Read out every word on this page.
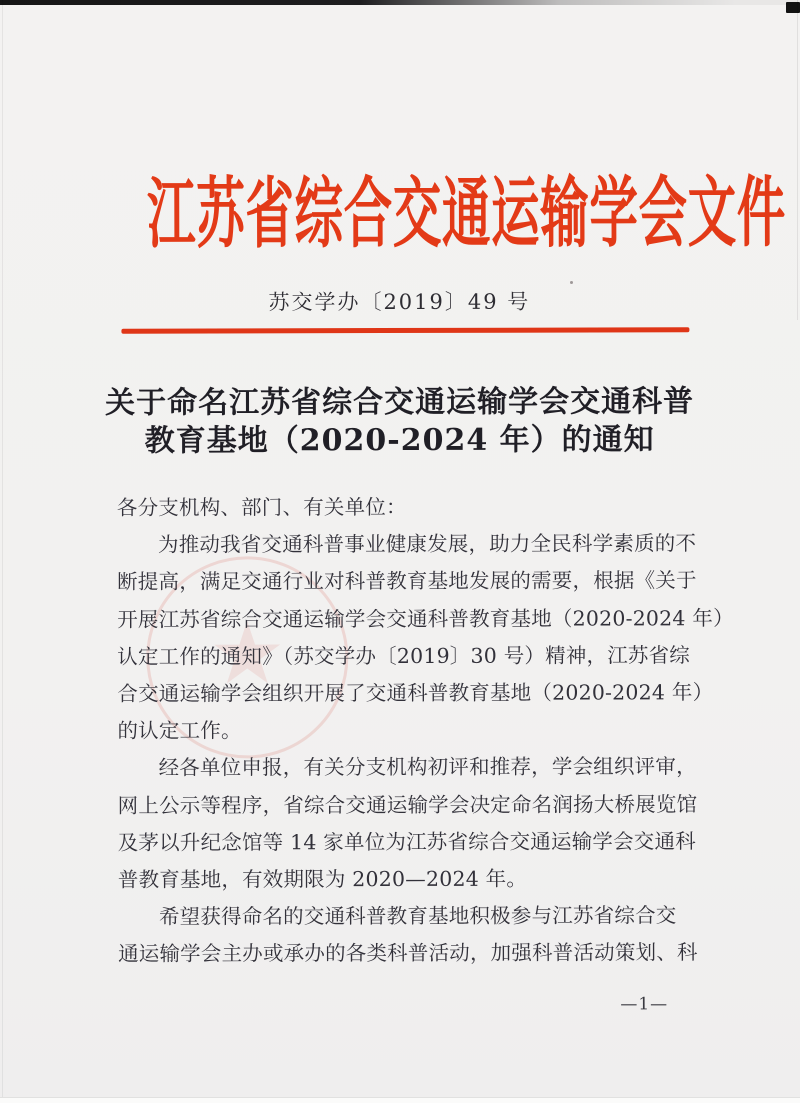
江苏省综合交通运输学会文件
苏交学办〔2019〕49 号
关于命名江苏省综合交通运输学会交通科普
教育基地（2020-2024 年）的通知
★
各分支机构、部门、有关单位：
为推动我省交通科普事业健康发展，助力全民科学素质的不
断提高，满足交通行业对科普教育基地发展的需要，根据《关于
开展江苏省综合交通运输学会交通科普教育基地（2020-2024 年）
认定工作的通知》（苏交学办〔2019〕30 号）精神，江苏省综
合交通运输学会组织开展了交通科普教育基地（2020-2024 年）
的认定工作。
经各单位申报，有关分支机构初评和推荐，学会组织评审，
网上公示等程序，省综合交通运输学会决定命名润扬大桥展览馆
及茅以升纪念馆等 14 家单位为江苏省综合交通运输学会交通科
普教育基地，有效期限为 2020—2024 年。
希望获得命名的交通科普教育基地积极参与江苏省综合交
通运输学会主办或承办的各类科普活动，加强科普活动策划、科
—1—
